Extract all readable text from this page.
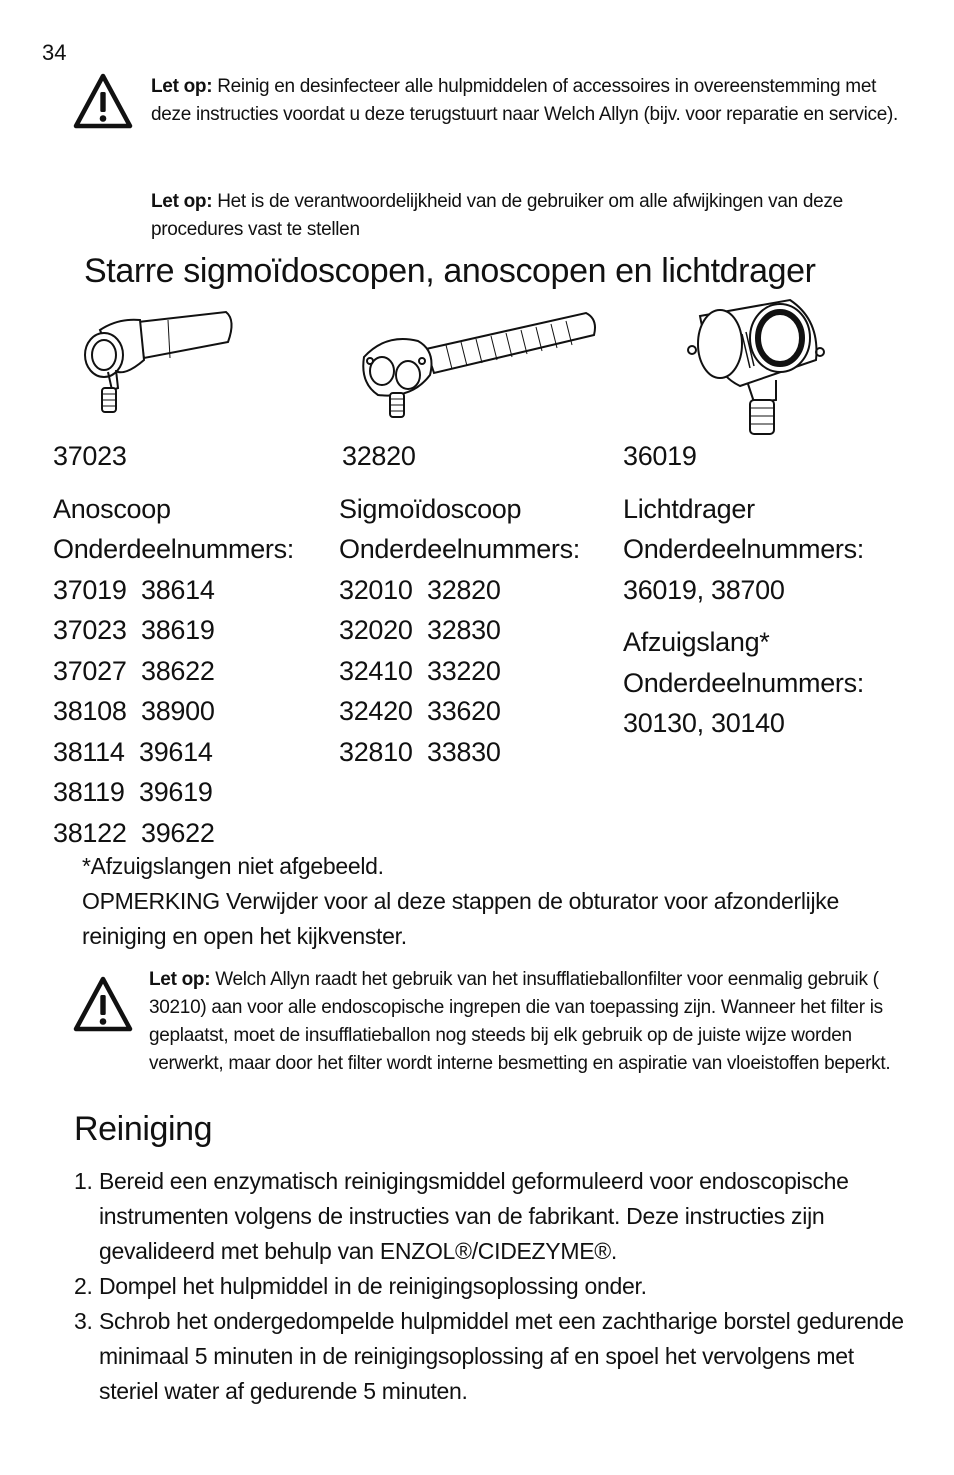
34
Let op: Reinig en desinfecteer alle hulpmiddelen of accessoires in overeenstemming met deze instructies voordat u deze terugstuurt naar Welch Allyn (bijv. voor reparatie en service).
Let op: Het is de verantwoordelijkheid van de gebruiker om alle afwijkingen van deze procedures vast te stellen
Starre sigmoïdoscopen, anoscopen en lichtdrager
37023
Anoscoop
Onderdeelnummers:
37019  38614
37023  38619
37027  38622
38108  38900
38114  39614
38119  39619
38122  39622
32820
Sigmoïdoscoop
Onderdeelnummers:
32010  32820
32020  32830
32410  33220
32420  33620
32810  33830
36019
Lichtdrager
Onderdeelnummers:
36019, 38700
Afzuigslang*
Onderdeelnummers:
30130, 30140
*Afzuigslangen niet afgebeeld.
OPMERKING Verwijder voor al deze stappen de obturator voor afzonderlijke reiniging en open het kijkvenster.
Let op: Welch Allyn raadt het gebruik van het insufflatieballonfilter voor eenmalig gebruik ( 30210) aan voor alle endoscopische ingrepen die van toepassing zijn. Wanneer het filter is geplaatst, moet de insufflatieballon nog steeds bij elk gebruik op de juiste wijze worden verwerkt, maar door het filter wordt interne besmetting en aspiratie van vloeistoffen beperkt.
Reiniging
1. Bereid een enzymatisch reinigingsmiddel geformuleerd voor endoscopische instrumenten volgens de instructies van de fabrikant. Deze instructies zijn gevalideerd met behulp van ENZOL®/CIDEZYME®.
2. Dompel het hulpmiddel in de reinigingsoplossing onder.
3. Schrob het ondergedompelde hulpmiddel met een zachtharige borstel gedurende minimaal 5 minuten in de reinigingsoplossing af en spoel het vervolgens met steriel water af gedurende 5 minuten.
